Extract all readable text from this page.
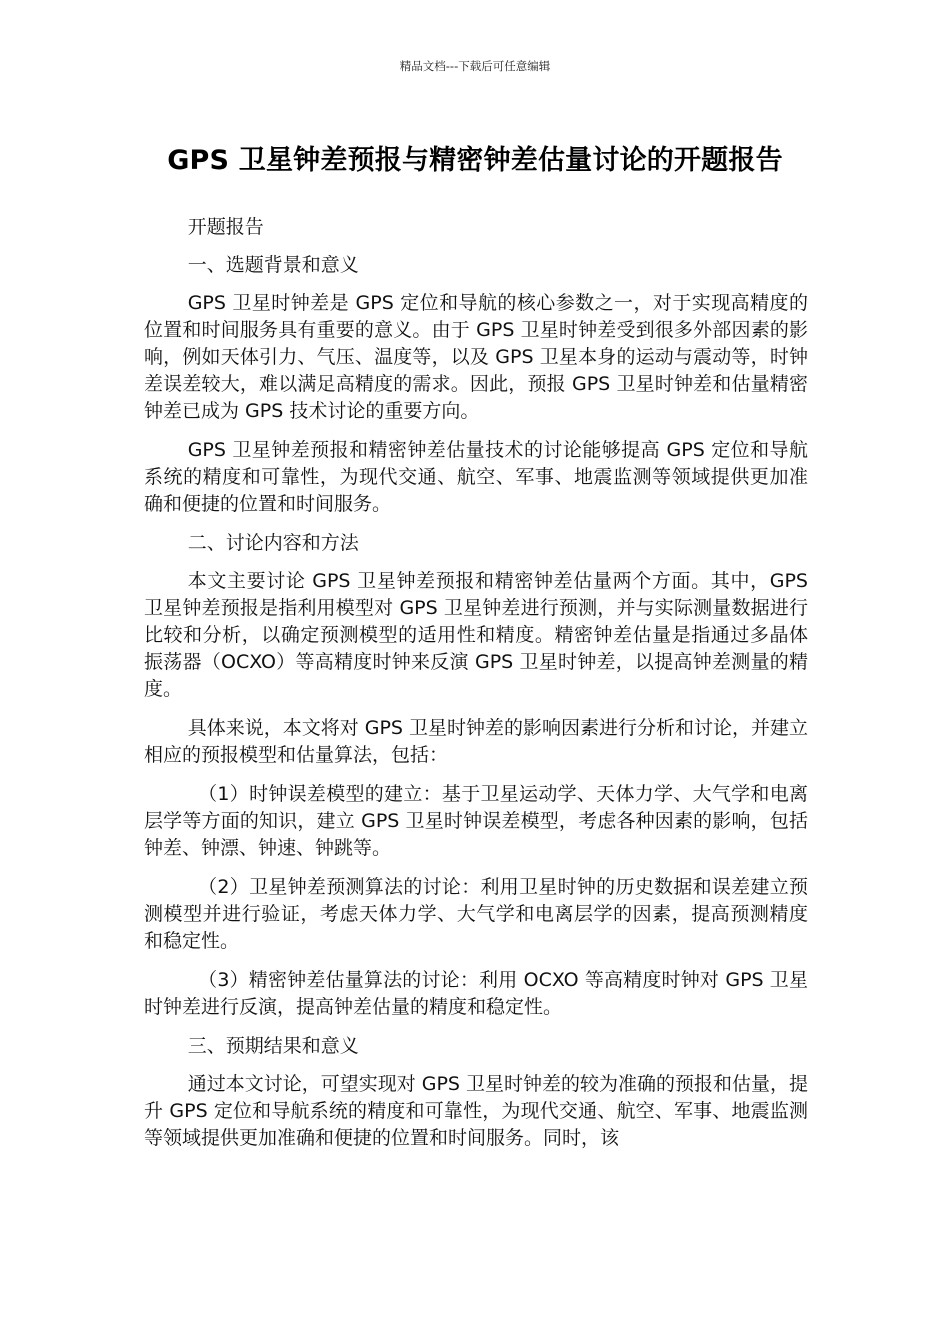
精品文档---下载后可任意编辑
GPS 卫星钟差预报与精密钟差估量讨论的开题报告

开题报告

一、选题背景和意义

GPS 卫星时钟差是 GPS 定位和导航的核心参数之一，对于实现高精度的位置和时间服务具有重要的意义。由于 GPS 卫星时钟差受到很多外部因素的影响，例如天体引力、气压、温度等，以及 GPS 卫星本身的运动与震动等，时钟差误差较大，难以满足高精度的需求。因此，预报 GPS 卫星时钟差和估量精密钟差已成为 GPS 技术讨论的重要方向。

GPS 卫星钟差预报和精密钟差估量技术的讨论能够提高 GPS 定位和导航系统的精度和可靠性，为现代交通、航空、军事、地震监测等领域提供更加准确和便捷的位置和时间服务。

二、讨论内容和方法

本文主要讨论 GPS 卫星钟差预报和精密钟差估量两个方面。其中，GPS 卫星钟差预报是指利用模型对 GPS 卫星钟差进行预测，并与实际测量数据进行比较和分析，以确定预测模型的适用性和精度。精密钟差估量是指通过多晶体振荡器（OCXO）等高精度时钟来反演 GPS 卫星时钟差，以提高钟差测量的精度。

具体来说，本文将对 GPS 卫星时钟差的影响因素进行分析和讨论，并建立相应的预报模型和估量算法，包括：

（1）时钟误差模型的建立：基于卫星运动学、天体力学、大气学和电离层学等方面的知识，建立 GPS 卫星时钟误差模型，考虑各种因素的影响，包括钟差、钟漂、钟速、钟跳等。

（2）卫星钟差预测算法的讨论：利用卫星时钟的历史数据和误差建立预测模型并进行验证，考虑天体力学、大气学和电离层学的因素，提高预测精度和稳定性。

（3）精密钟差估量算法的讨论：利用 OCXO 等高精度时钟对 GPS 卫星时钟差进行反演，提高钟差估量的精度和稳定性。

三、预期结果和意义

通过本文讨论，可望实现对 GPS 卫星时钟差的较为准确的预报和估量，提升 GPS 定位和导航系统的精度和可靠性，为现代交通、航空、军事、地震监测等领域提供更加准确和便捷的位置和时间服务。同时，该
